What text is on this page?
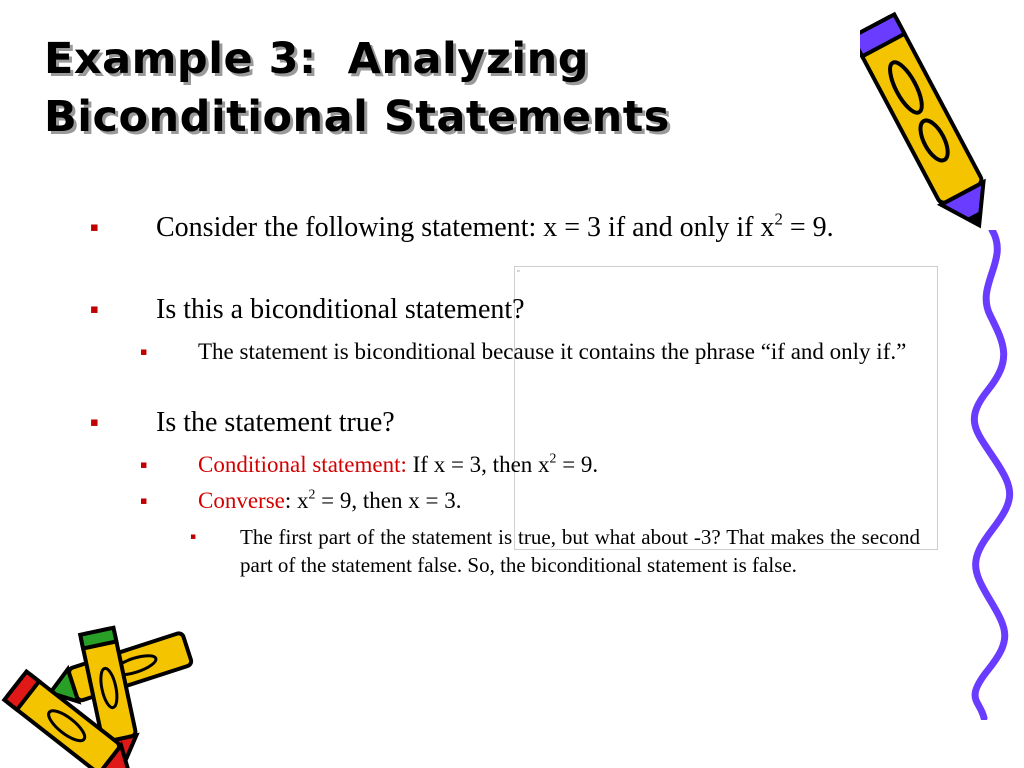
Example 3:  Analyzing
Biconditional Statements
▫
▪ Consider the following statement: x = 3 if and only if $x^2 = 9$.
▪ Is this a biconditional statement?
▪ The statement is biconditional because it contains the phrase “if and only if.”
▪ Is the statement true?
▪ Conditional statement: If x = 3, then $x^2 = 9$.
▪ Converse: $x^2 = 9$, then x = 3.
▪ The first part of the statement is true, but what about -3? That makes the second part of the statement false. So, the biconditional statement is false.
